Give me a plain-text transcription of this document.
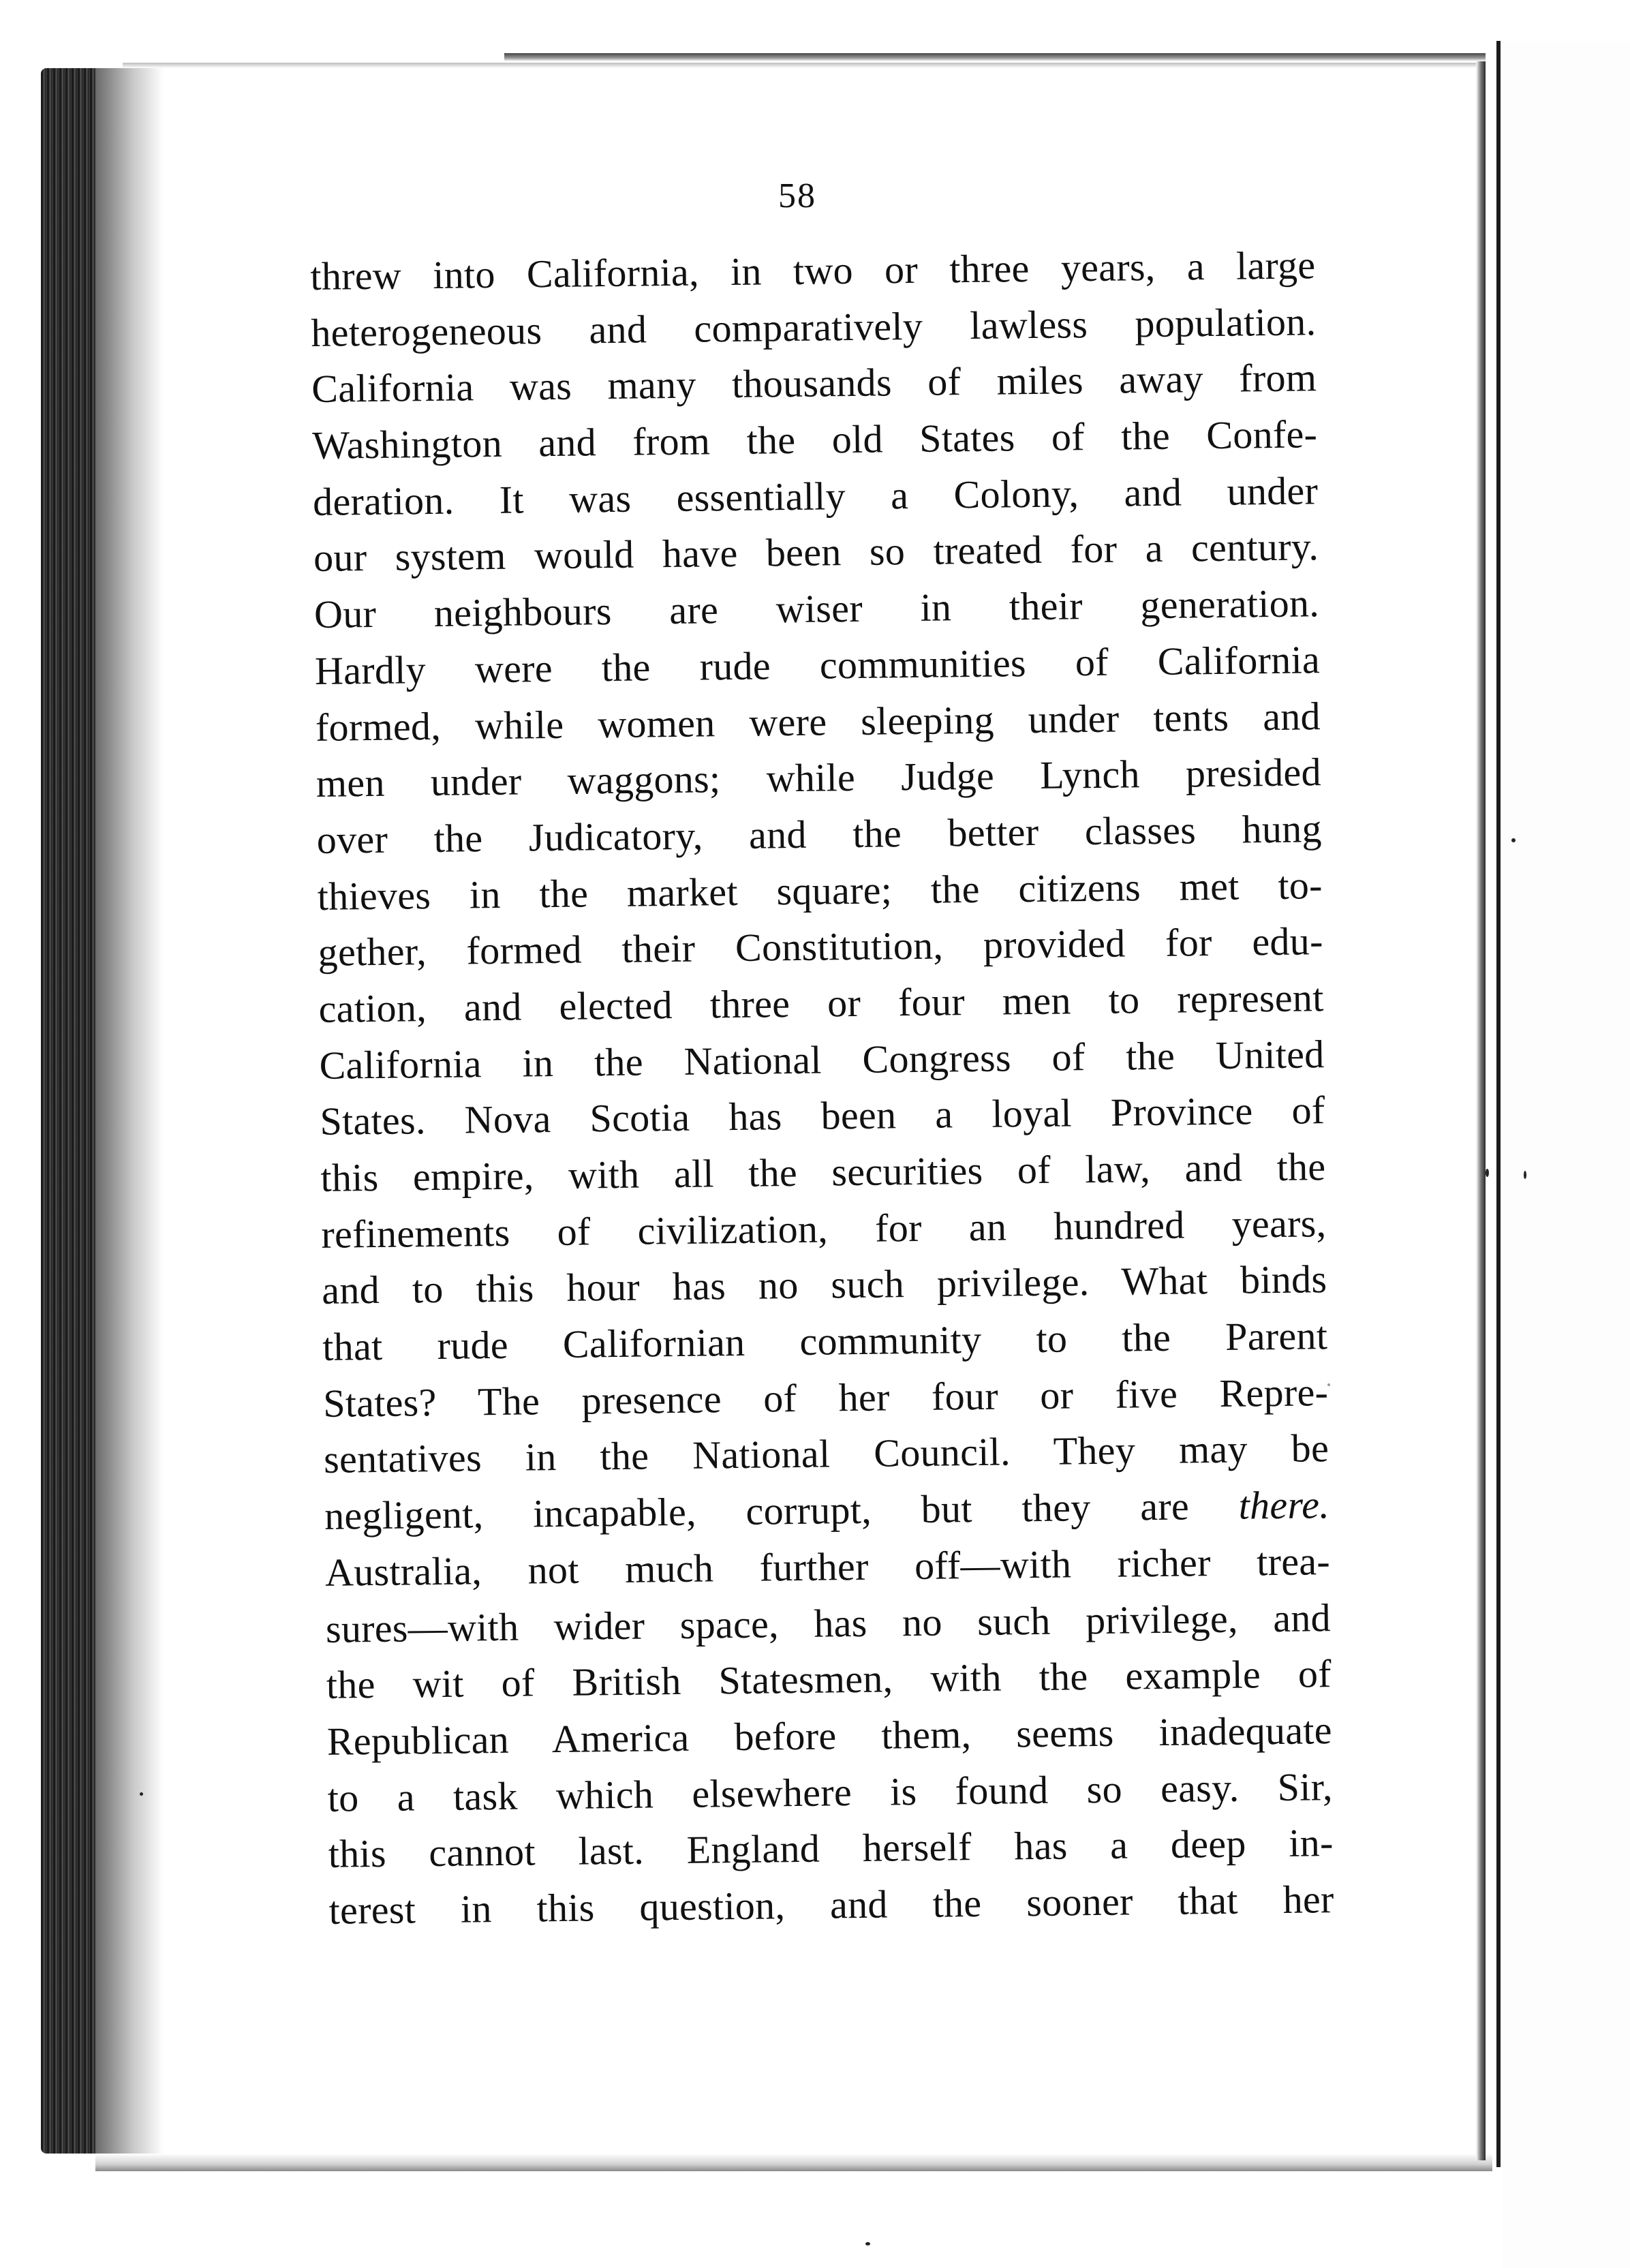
58
threw into California, in two or three years, a large
heterogeneous and comparatively lawless population.
California was many thousands of miles away from
Washington and from the old States of the Confe-
deration. It was essentially a Colony, and under
our system would have been so treated for a century.
Our neighbours are wiser in their generation.
Hardly were the rude communities of California
formed, while women were sleeping under tents and
men under waggons; while Judge Lynch presided
over the Judicatory, and the better classes hung
thieves in the market square; the citizens met to-
gether, formed their Constitution, provided for edu-
cation, and elected three or four men to represent
California in the National Congress of the United
States. Nova Scotia has been a loyal Province of
this empire, with all the securities of law, and the
refinements of civilization, for an hundred years,
and to this hour has no such privilege. What binds
that rude Californian community to the Parent
States? The presence of her four or five Repre-
sentatives in the National Council. They may be
negligent, incapable, corrupt, but they are there.
Australia, not much further off—with richer trea-
sures—with wider space, has no such privilege, and
the wit of British Statesmen, with the example of
Republican America before them, seems inadequate
to a task which elsewhere is found so easy. Sir,
this cannot last. England herself has a deep in-
terest in this question, and the sooner that her
